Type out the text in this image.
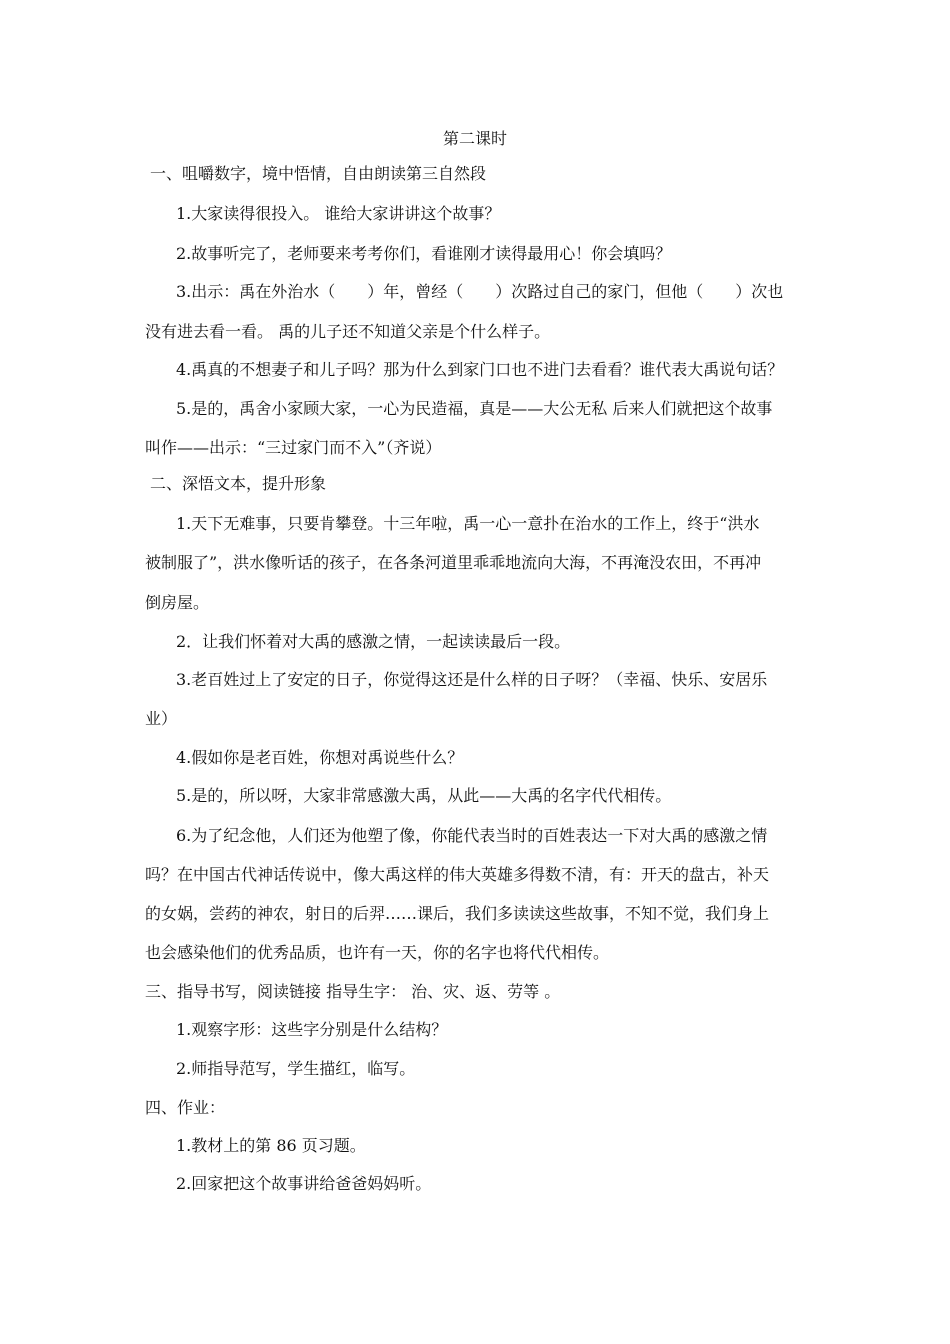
第二课时
一、咀嚼数字，境中悟情，自由朗读第三自然段
1.大家读得很投入。 谁给大家讲讲这个故事？
2.故事听完了，老师要来考考你们，看谁刚才读得最用心！你会填吗？
3.出示：禹在外治水（　　）年，曾经（　　）次路过自己的家门，但他（　　）次也
没有进去看一看。 禹的儿子还不知道父亲是个什么样子。
4.禹真的不想妻子和儿子吗？那为什么到家门口也不进门去看看？谁代表大禹说句话？
5.是的，禹舍小家顾大家，一心为民造福，真是——大公无私 后来人们就把这个故事
叫作——出示：“三过家门而不入”（齐说）
二、深悟文本，提升形象
1.天下无难事，只要肯攀登。十三年啦，禹一心一意扑在治水的工作上，终于“洪水
被制服了”，洪水像听话的孩子，在各条河道里乖乖地流向大海，不再淹没农田，不再冲
倒房屋。
2．让我们怀着对大禹的感激之情，一起读读最后一段。
3.老百姓过上了安定的日子，你觉得这还是什么样的日子呀？（幸福、快乐、安居乐
业）
4.假如你是老百姓，你想对禹说些什么？
5.是的，所以呀，大家非常感激大禹，从此——大禹的名字代代相传。
6.为了纪念他，人们还为他塑了像，你能代表当时的百姓表达一下对大禹的感激之情
吗？在中国古代神话传说中，像大禹这样的伟大英雄多得数不清，有：开天的盘古，补天
的女娲，尝药的神农，射日的后羿……课后，我们多读读这些故事，不知不觉，我们身上
也会感染他们的优秀品质，也许有一天，你的名字也将代代相传。
三、指导书写，阅读链接 指导生字： 治、灾、返、劳等 。
1.观察字形：这些字分别是什么结构？
2.师指导范写，学生描红，临写。
四、作业：
1.教材上的第 86 页习题。
2.回家把这个故事讲给爸爸妈妈听。
